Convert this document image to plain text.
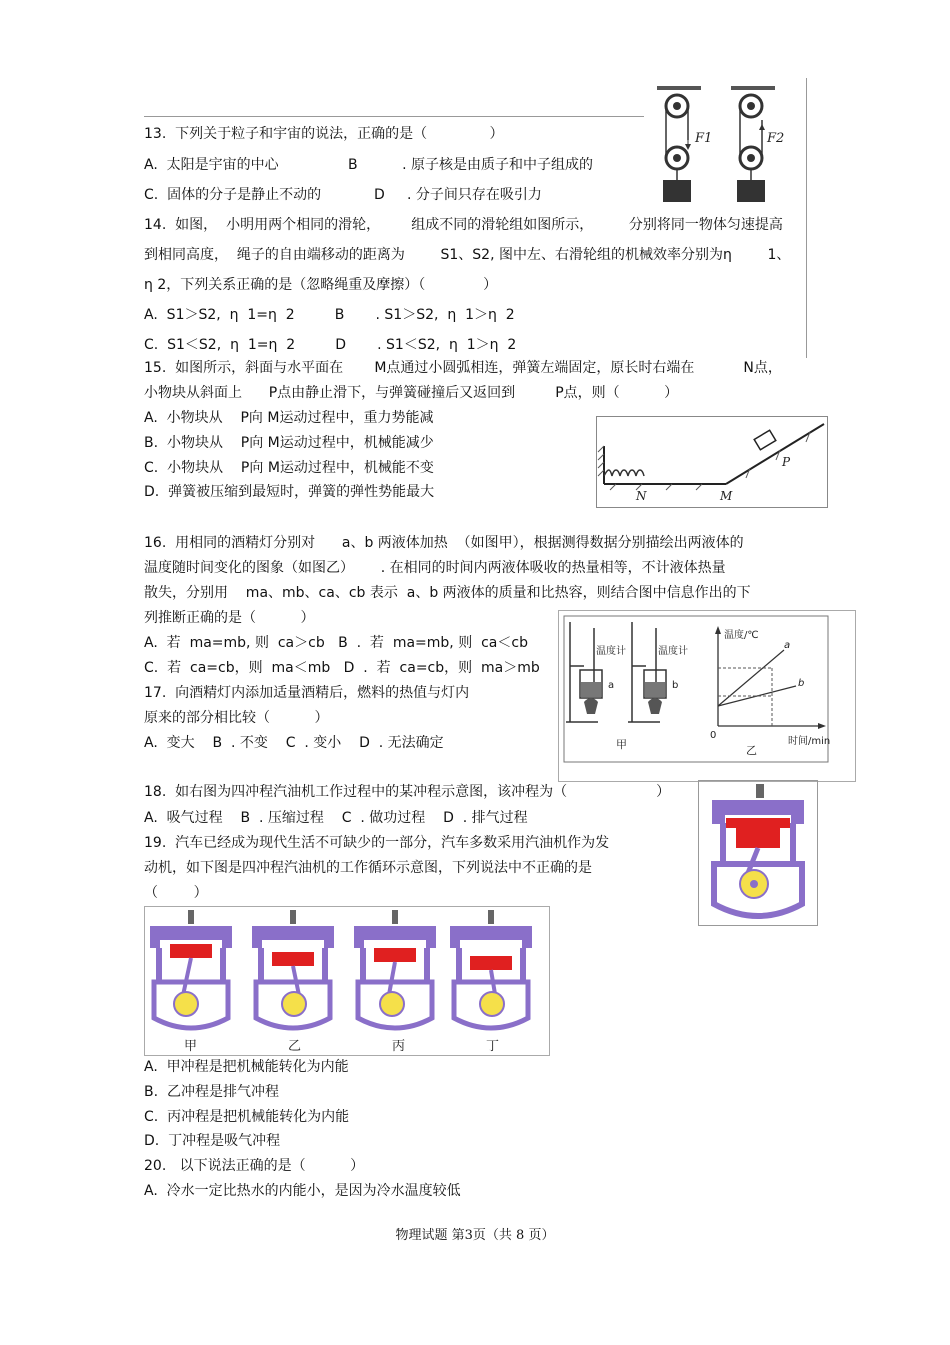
13.  下列关于粒子和宇宙的说法，正确的是（              ）
A.  太阳是宇宙的中心	B          . 原子核是由质子和中子组成的
C.  固体的分子是静止不动的	D     . 分子间只存在吸引力
F1	F2
14.  如图，  小明用两个相同的滑轮，       组成不同的滑轮组如图所示，        分别将同一物体匀速提高
到相同高度，  绳子的自由端移动的距离为        S1、S2, 图中左、右滑轮组的机械效率分别为η        1、
η 2，下列关系正确的是（忽略绳重及摩擦）（             ）
A.  S1＞S2,  η  1=η  2         B       . S1＞S2,  η  1＞η  2
C.  S1＜S2,  η  1=η  2         D       . S1＜S2,  η  1＞η  2
15.  如图所示，斜面与水平面在       M点通过小圆弧相连，弹簧左端固定，原长时右端在           N点，
小物块从斜面上      P点由静止滑下，与弹簧碰撞后又返回到         P点，则（          ）
A.  小物块从    P向 M运动过程中，重力势能减
B.  小物块从    P向 M运动过程中，机械能减少
C.  小物块从    P向 M运动过程中，机械能不变
D.  弹簧被压缩到最短时，弹簧的弹性势能最大	N	M
P
16.  用相同的酒精灯分别对      a、b 两液体加热  （如图甲），根据测得数据分别描绘出两液体的
温度随时间变化的图象（如图乙）      . 在相同的时间内两液体吸收的热量相等，不计液体热量
散失，分别用    ma、mb、ca、cb 表示  a、b 两液体的质量和比热容，则结合图中信息作出的下
列推断正确的是（          ）
A.  若  ma=mb, 则  ca＞cb   B  .  若  ma=mb, 则  ca＜cb
C.  若  ca=cb，则  ma＜mb   D  .  若  ca=cb，则  ma＞mb
温度计	温度计
a	b
甲
温度/℃
时间/min
0
a
b
乙
17.  向酒精灯内添加适量酒精后，燃料的热值与灯内
原来的部分相比较（          ）
A.  变大    B  . 不变    C  . 变小    D  . 无法确定
18.  如右图为四冲程汽油机工作过程中的某冲程示意图，该冲程为（                    ）
A.  吸气过程    B  . 压缩过程    C  . 做功过程    D  . 排气过程
19.  汽车已经成为现代生活不可缺少的一部分，汽车多数采用汽油机作为发
动机，如下图是四冲程汽油机的工作循环示意图，下列说法中不正确的是
（        ）
甲	乙	丙	丁
A.  甲冲程是把机械能转化为内能
B.  乙冲程是排气冲程
C.  丙冲程是把机械能转化为内能
D.  丁冲程是吸气冲程
20.   以下说法正确的是（          ）
A.  冷水一定比热水的内能小，是因为冷水温度较低
物理试题 第3页（共 8 页）
